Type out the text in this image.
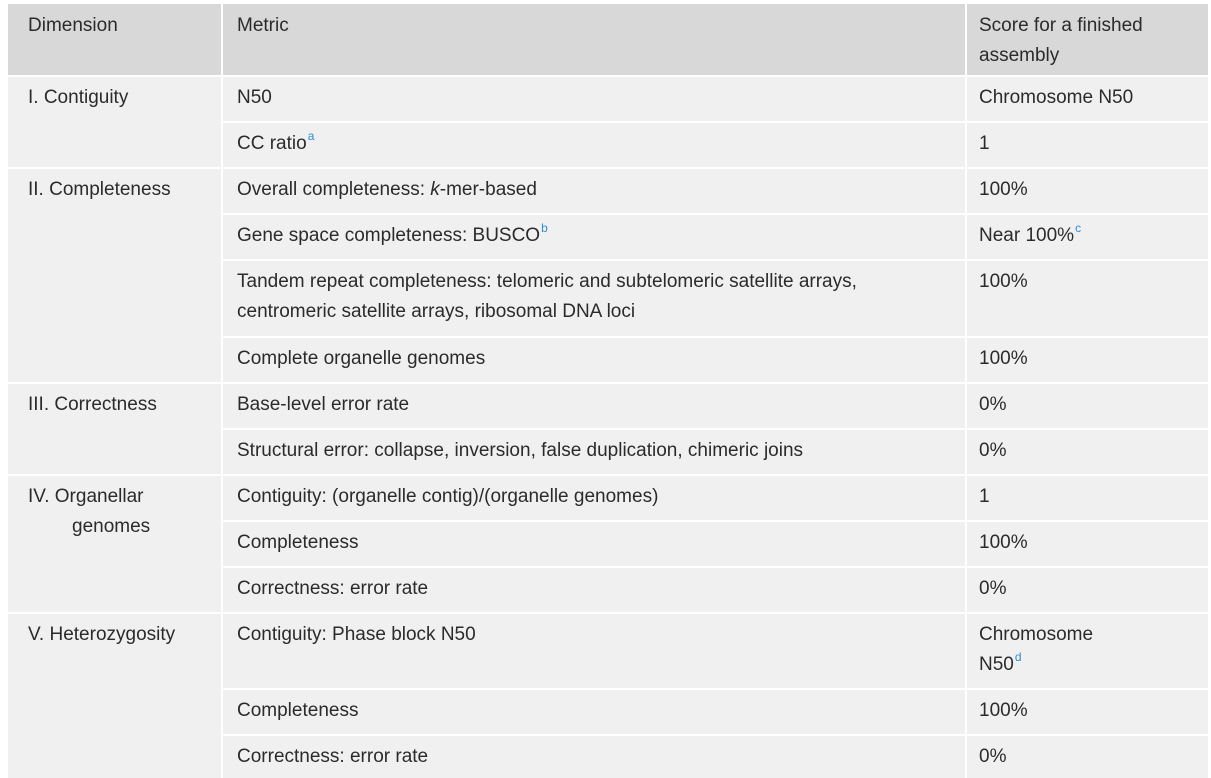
Dimension	Metric	Score for a finished assembly

I. Contiguity	N50	Chromosome N50

	CC ratio$^a$	1

II. Completeness	Overall completeness: k-mer-based	100%

	Gene space completeness: BUSCO$^b$	Near 100%$^c$

	Tandem repeat completeness: telomeric and subtelomeric satellite arrays, centromeric satellite arrays, ribosomal DNA loci	100%

	Complete organelle genomes	100%

III. Correctness	Base-level error rate	0%

	Structural error: collapse, inversion, false duplication, chimeric joins	0%

IV. Organellar
genomes	Contiguity: (organelle contig)/(organelle genomes)	1

	Completeness	100%

	Correctness: error rate	0%

V. Heterozygosity	Contiguity: Phase block N50	Chromosome
N50$^d$

	Completeness	100%

	Correctness: error rate	0%
